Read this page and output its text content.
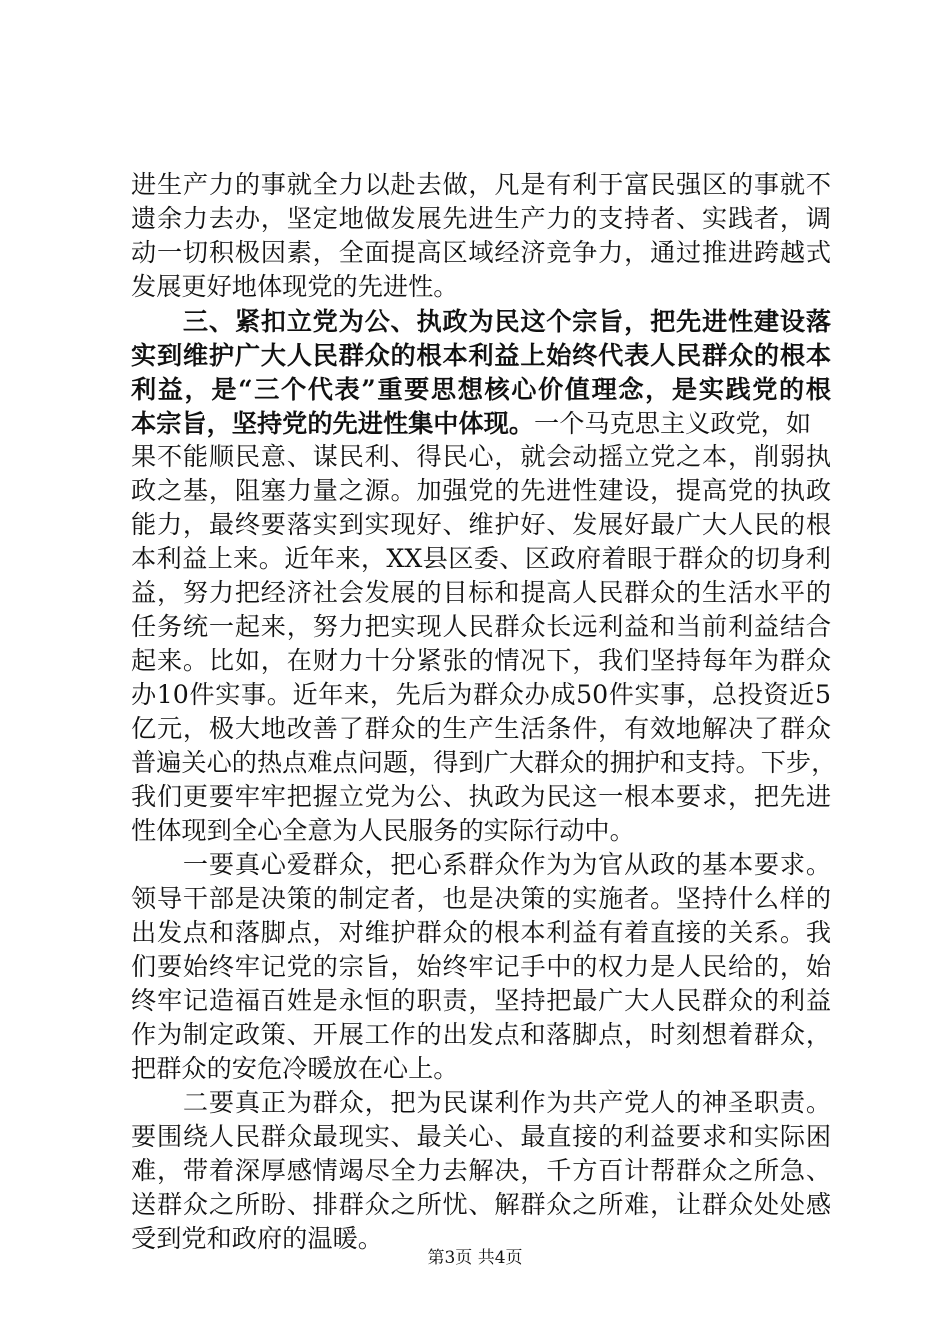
进生产力的事就全力以赴去做，凡是有利于富民强区的事就不
遗余力去办，坚定地做发展先进生产力的支持者、实践者，调
动一切积极因素，全面提高区域经济竞争力，通过推进跨越式
发展更好地体现党的先进性。
　　三、紧扣立党为公、执政为民这个宗旨，把先进性建设落
实到维护广大人民群众的根本利益上始终代表人民群众的根本
利益，是“三个代表”重要思想核心价值理念，是实践党的根
本宗旨，坚持党的先进性集中体现。一个马克思主义政党，如
果不能顺民意、谋民利、得民心，就会动摇立党之本，削弱执
政之基，阻塞力量之源。加强党的先进性建设，提高党的执政
能力，最终要落实到实现好、维护好、发展好最广大人民的根
本利益上来。近年来，XX县区委、区政府着眼于群众的切身利
益，努力把经济社会发展的目标和提高人民群众的生活水平的
任务统一起来，努力把实现人民群众长远利益和当前利益结合
起来。比如，在财力十分紧张的情况下，我们坚持每年为群众
办10件实事。近年来，先后为群众办成50件实事，总投资近5
亿元，极大地改善了群众的生产生活条件，有效地解决了群众
普遍关心的热点难点问题，得到广大群众的拥护和支持。下步，
我们更要牢牢把握立党为公、执政为民这一根本要求，把先进
性体现到全心全意为人民服务的实际行动中。
　　一要真心爱群众，把心系群众作为为官从政的基本要求。
领导干部是决策的制定者，也是决策的实施者。坚持什么样的
出发点和落脚点，对维护群众的根本利益有着直接的关系。我
们要始终牢记党的宗旨，始终牢记手中的权力是人民给的，始
终牢记造福百姓是永恒的职责，坚持把最广大人民群众的利益
作为制定政策、开展工作的出发点和落脚点，时刻想着群众，
把群众的安危冷暖放在心上。
　　二要真正为群众，把为民谋利作为共产党人的神圣职责。
要围绕人民群众最现实、最关心、最直接的利益要求和实际困
难，带着深厚感情竭尽全力去解决，千方百计帮群众之所急、
送群众之所盼、排群众之所忧、解群众之所难，让群众处处感
受到党和政府的温暖。
第3页 共4页
